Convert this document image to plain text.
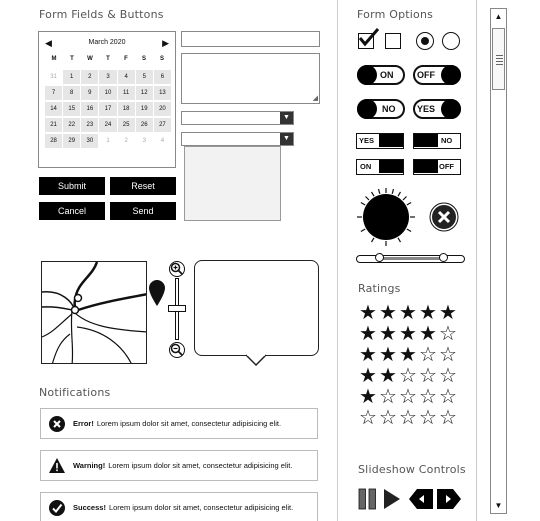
Form Fields & Buttons
◀	March 2020	▶
M	T	W	T	F	S	S
31	1	2	3	4	5	6
7	8	9	10	11	12	13
14	15	16	17	18	19	20
21	22	23	24	25	26	27
28	29	30	1	2	3	4
◢
▼
▼
Submit	Reset
Cancel	Send
Notifications
Error! Lorem ipsum dolor sit amet, consectetur adipisicing elit.
Warning! Lorem ipsum dolor sit amet, consectetur adipisicing elit.
Success! Lorem ipsum dolor sit amet, consectetur adipisicing elit.
Form Options
ON	OFF
NO YES
YES	NO
ON	OFF
Ratings
★ ★ ★ ★ ★
★ ★ ★ ★ ☆
★ ★ ★ ☆ ☆
★ ★ ☆ ☆ ☆
★ ☆ ☆ ☆ ☆
☆ ☆ ☆ ☆ ☆
Slideshow Controls
▲
▼
